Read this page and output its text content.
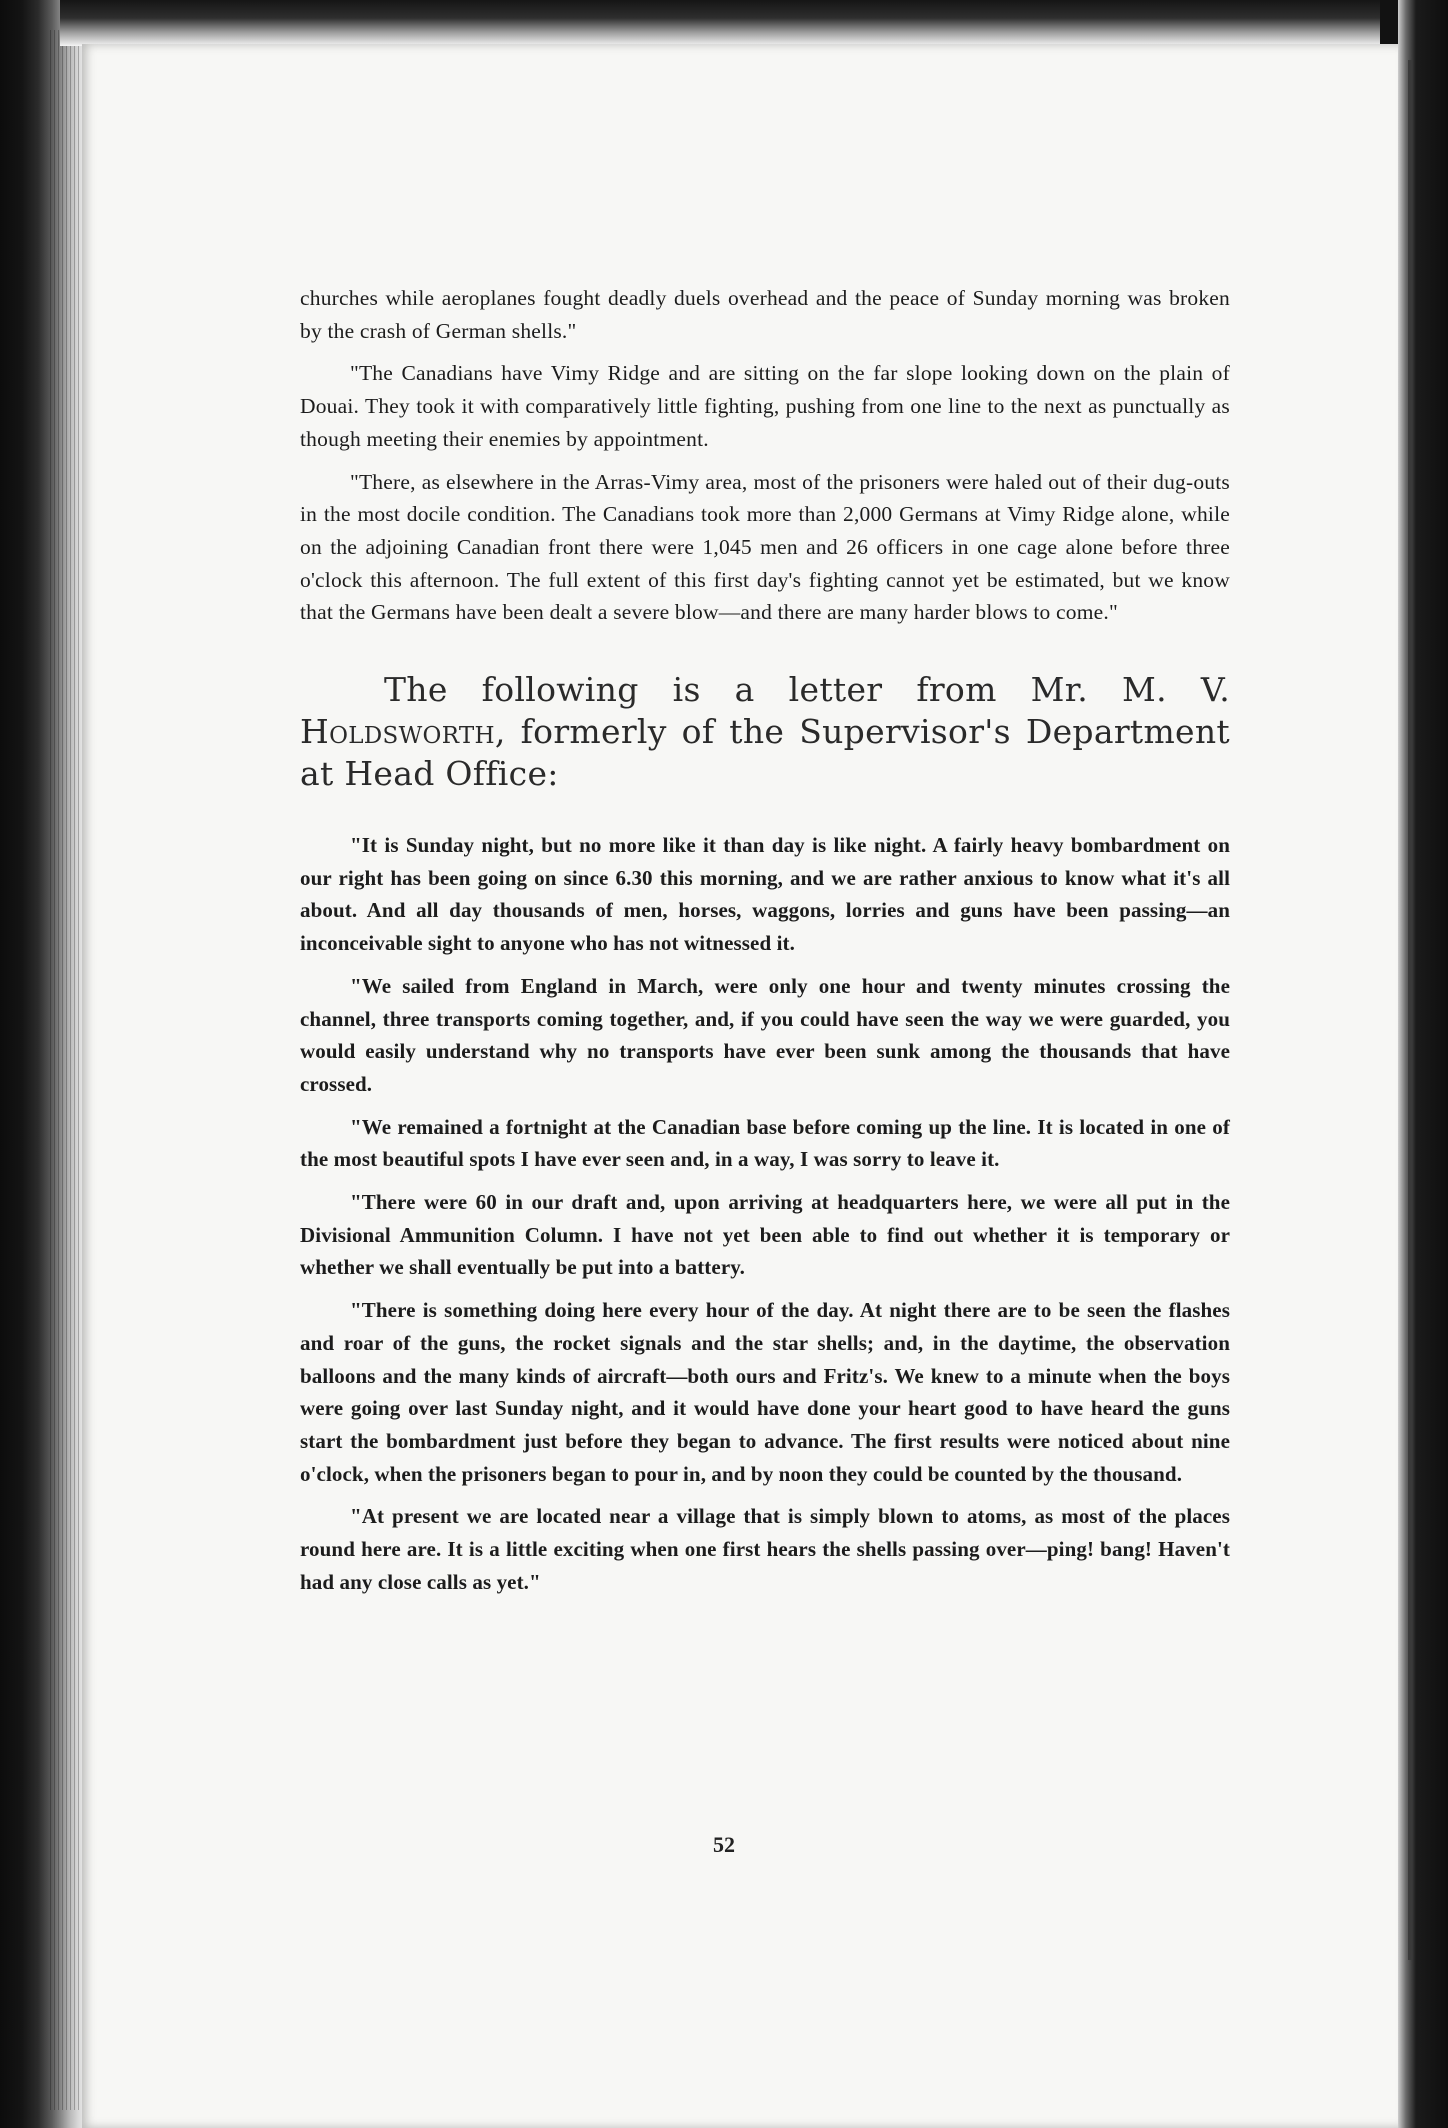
churches while aeroplanes fought deadly duels overhead and the peace of Sunday morning was broken by the crash of German shells."

"The Canadians have Vimy Ridge and are sitting on the far slope looking down on the plain of Douai. They took it with comparatively little fighting, pushing from one line to the next as punctually as though meeting their enemies by appointment.

"There, as elsewhere in the Arras-Vimy area, most of the prisoners were haled out of their dug-outs in the most docile condition. The Canadians took more than 2,000 Germans at Vimy Ridge alone, while on the adjoining Canadian front there were 1,045 men and 26 officers in one cage alone before three o'clock this afternoon. The full extent of this first day's fighting cannot yet be estimated, but we know that the Germans have been dealt a severe blow—and there are many harder blows to come."

The following is a letter from Mr. M. V. Holdsworth, formerly of the Supervisor's Department at Head Office:

"It is Sunday night, but no more like it than day is like night. A fairly heavy bombardment on our right has been going on since 6.30 this morning, and we are rather anxious to know what it's all about. And all day thousands of men, horses, waggons, lorries and guns have been passing—an inconceivable sight to anyone who has not witnessed it.

"We sailed from England in March, were only one hour and twenty minutes crossing the channel, three transports coming together, and, if you could have seen the way we were guarded, you would easily understand why no transports have ever been sunk among the thousands that have crossed.

"We remained a fortnight at the Canadian base before coming up the line. It is located in one of the most beautiful spots I have ever seen and, in a way, I was sorry to leave it.

"There were 60 in our draft and, upon arriving at headquarters here, we were all put in the Divisional Ammunition Column. I have not yet been able to find out whether it is temporary or whether we shall eventually be put into a battery.

"There is something doing here every hour of the day. At night there are to be seen the flashes and roar of the guns, the rocket signals and the star shells; and, in the daytime, the observation balloons and the many kinds of aircraft—both ours and Fritz's. We knew to a minute when the boys were going over last Sunday night, and it would have done your heart good to have heard the guns start the bombardment just before they began to advance. The first results were noticed about nine o'clock, when the prisoners began to pour in, and by noon they could be counted by the thousand.

"At present we are located near a village that is simply blown to atoms, as most of the places round here are. It is a little exciting when one first hears the shells passing over—ping! bang! Haven't had any close calls as yet."

52
